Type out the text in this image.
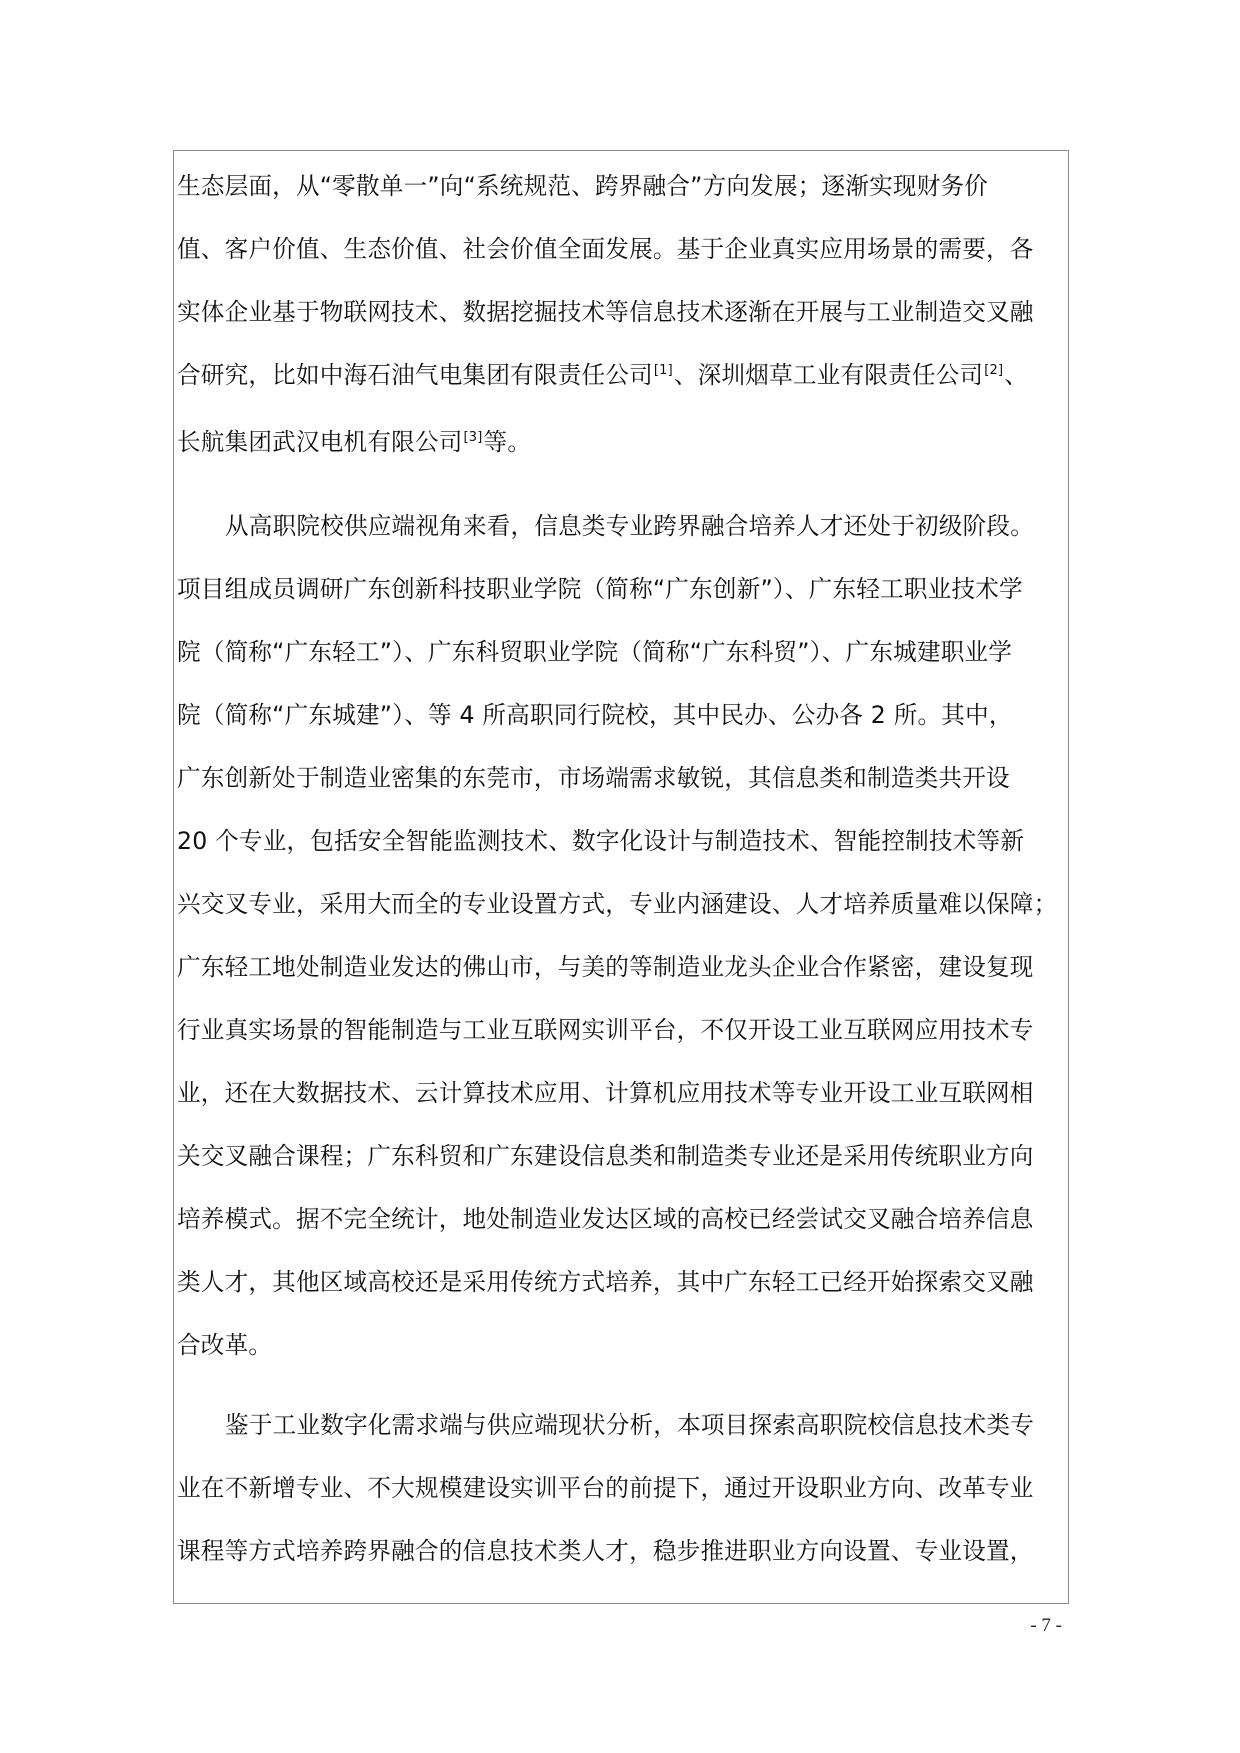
生态层面，从“零散单一”向“系统规范、跨界融合”方向发展；逐渐实现财务价
值、客户价值、生态价值、社会价值全面发展。基于企业真实应用场景的需要，各
实体企业基于物联网技术、数据挖掘技术等信息技术逐渐在开展与工业制造交叉融
合研究，比如中海石油气电集团有限责任公司[1]、深圳烟草工业有限责任公司[2]、
长航集团武汉电机有限公司[3]等。
从高职院校供应端视角来看，信息类专业跨界融合培养人才还处于初级阶段。
项目组成员调研广东创新科技职业学院（简称“广东创新”）、广东轻工职业技术学
院（简称“广东轻工”）、广东科贸职业学院（简称“广东科贸”）、广东城建职业学
院（简称“广东城建”）、等 4 所高职同行院校，其中民办、公办各 2 所。其中，
广东创新处于制造业密集的东莞市，市场端需求敏锐，其信息类和制造类共开设
20 个专业，包括安全智能监测技术、数字化设计与制造技术、智能控制技术等新
兴交叉专业，采用大而全的专业设置方式，专业内涵建设、人才培养质量难以保障；
广东轻工地处制造业发达的佛山市，与美的等制造业龙头企业合作紧密，建设复现
行业真实场景的智能制造与工业互联网实训平台，不仅开设工业互联网应用技术专
业，还在大数据技术、云计算技术应用、计算机应用技术等专业开设工业互联网相
关交叉融合课程；广东科贸和广东建设信息类和制造类专业还是采用传统职业方向
培养模式。据不完全统计，地处制造业发达区域的高校已经尝试交叉融合培养信息
类人才，其他区域高校还是采用传统方式培养，其中广东轻工已经开始探索交叉融
合改革。
鉴于工业数字化需求端与供应端现状分析，本项目探索高职院校信息技术类专
业在不新增专业、不大规模建设实训平台的前提下，通过开设职业方向、改革专业
课程等方式培养跨界融合的信息技术类人才，稳步推进职业方向设置、专业设置，
- 7 -
